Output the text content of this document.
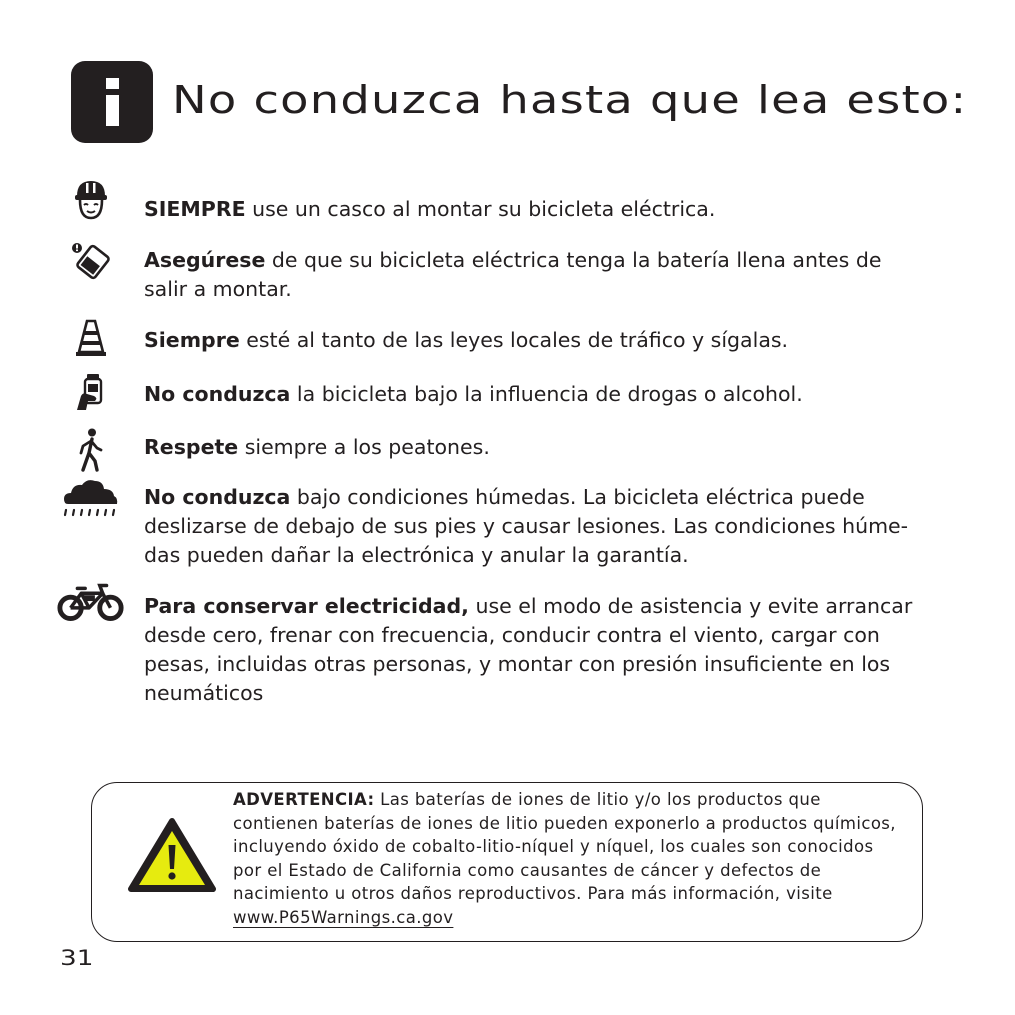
No conduzca hasta que lea esto:

SIEMPRE use un casco al montar su bicicleta eléctrica.

Asegúrese de que su bicicleta eléctrica tenga la batería llena antes de salir a montar.

Siempre esté al tanto de las leyes locales de tráfico y sígalas.

No conduzca la bicicleta bajo la influencia de drogas o alcohol.

Respete siempre a los peatones.

No conduzca bajo condiciones húmedas. La bicicleta eléctrica puede deslizarse de debajo de sus pies y causar lesiones. Las condiciones húme-das pueden dañar la electrónica y anular la garantía.

Para conservar electricidad, use el modo de asistencia y evite arrancar desde cero, frenar con frecuencia, conducir contra el viento, cargar con pesas, incluidas otras personas, y montar con presión insuficiente en los neumáticos

ADVERTENCIA: Las baterías de iones de litio y/o los productos que contienen baterías de iones de litio pueden exponerlo a productos químicos, incluyendo óxido de cobalto-litio-níquel y níquel, los cuales son conocidos por el Estado de California como causantes de cáncer y defectos de nacimiento u otros daños reproductivos. Para más información, visite www.P65Warnings.ca.gov

31
